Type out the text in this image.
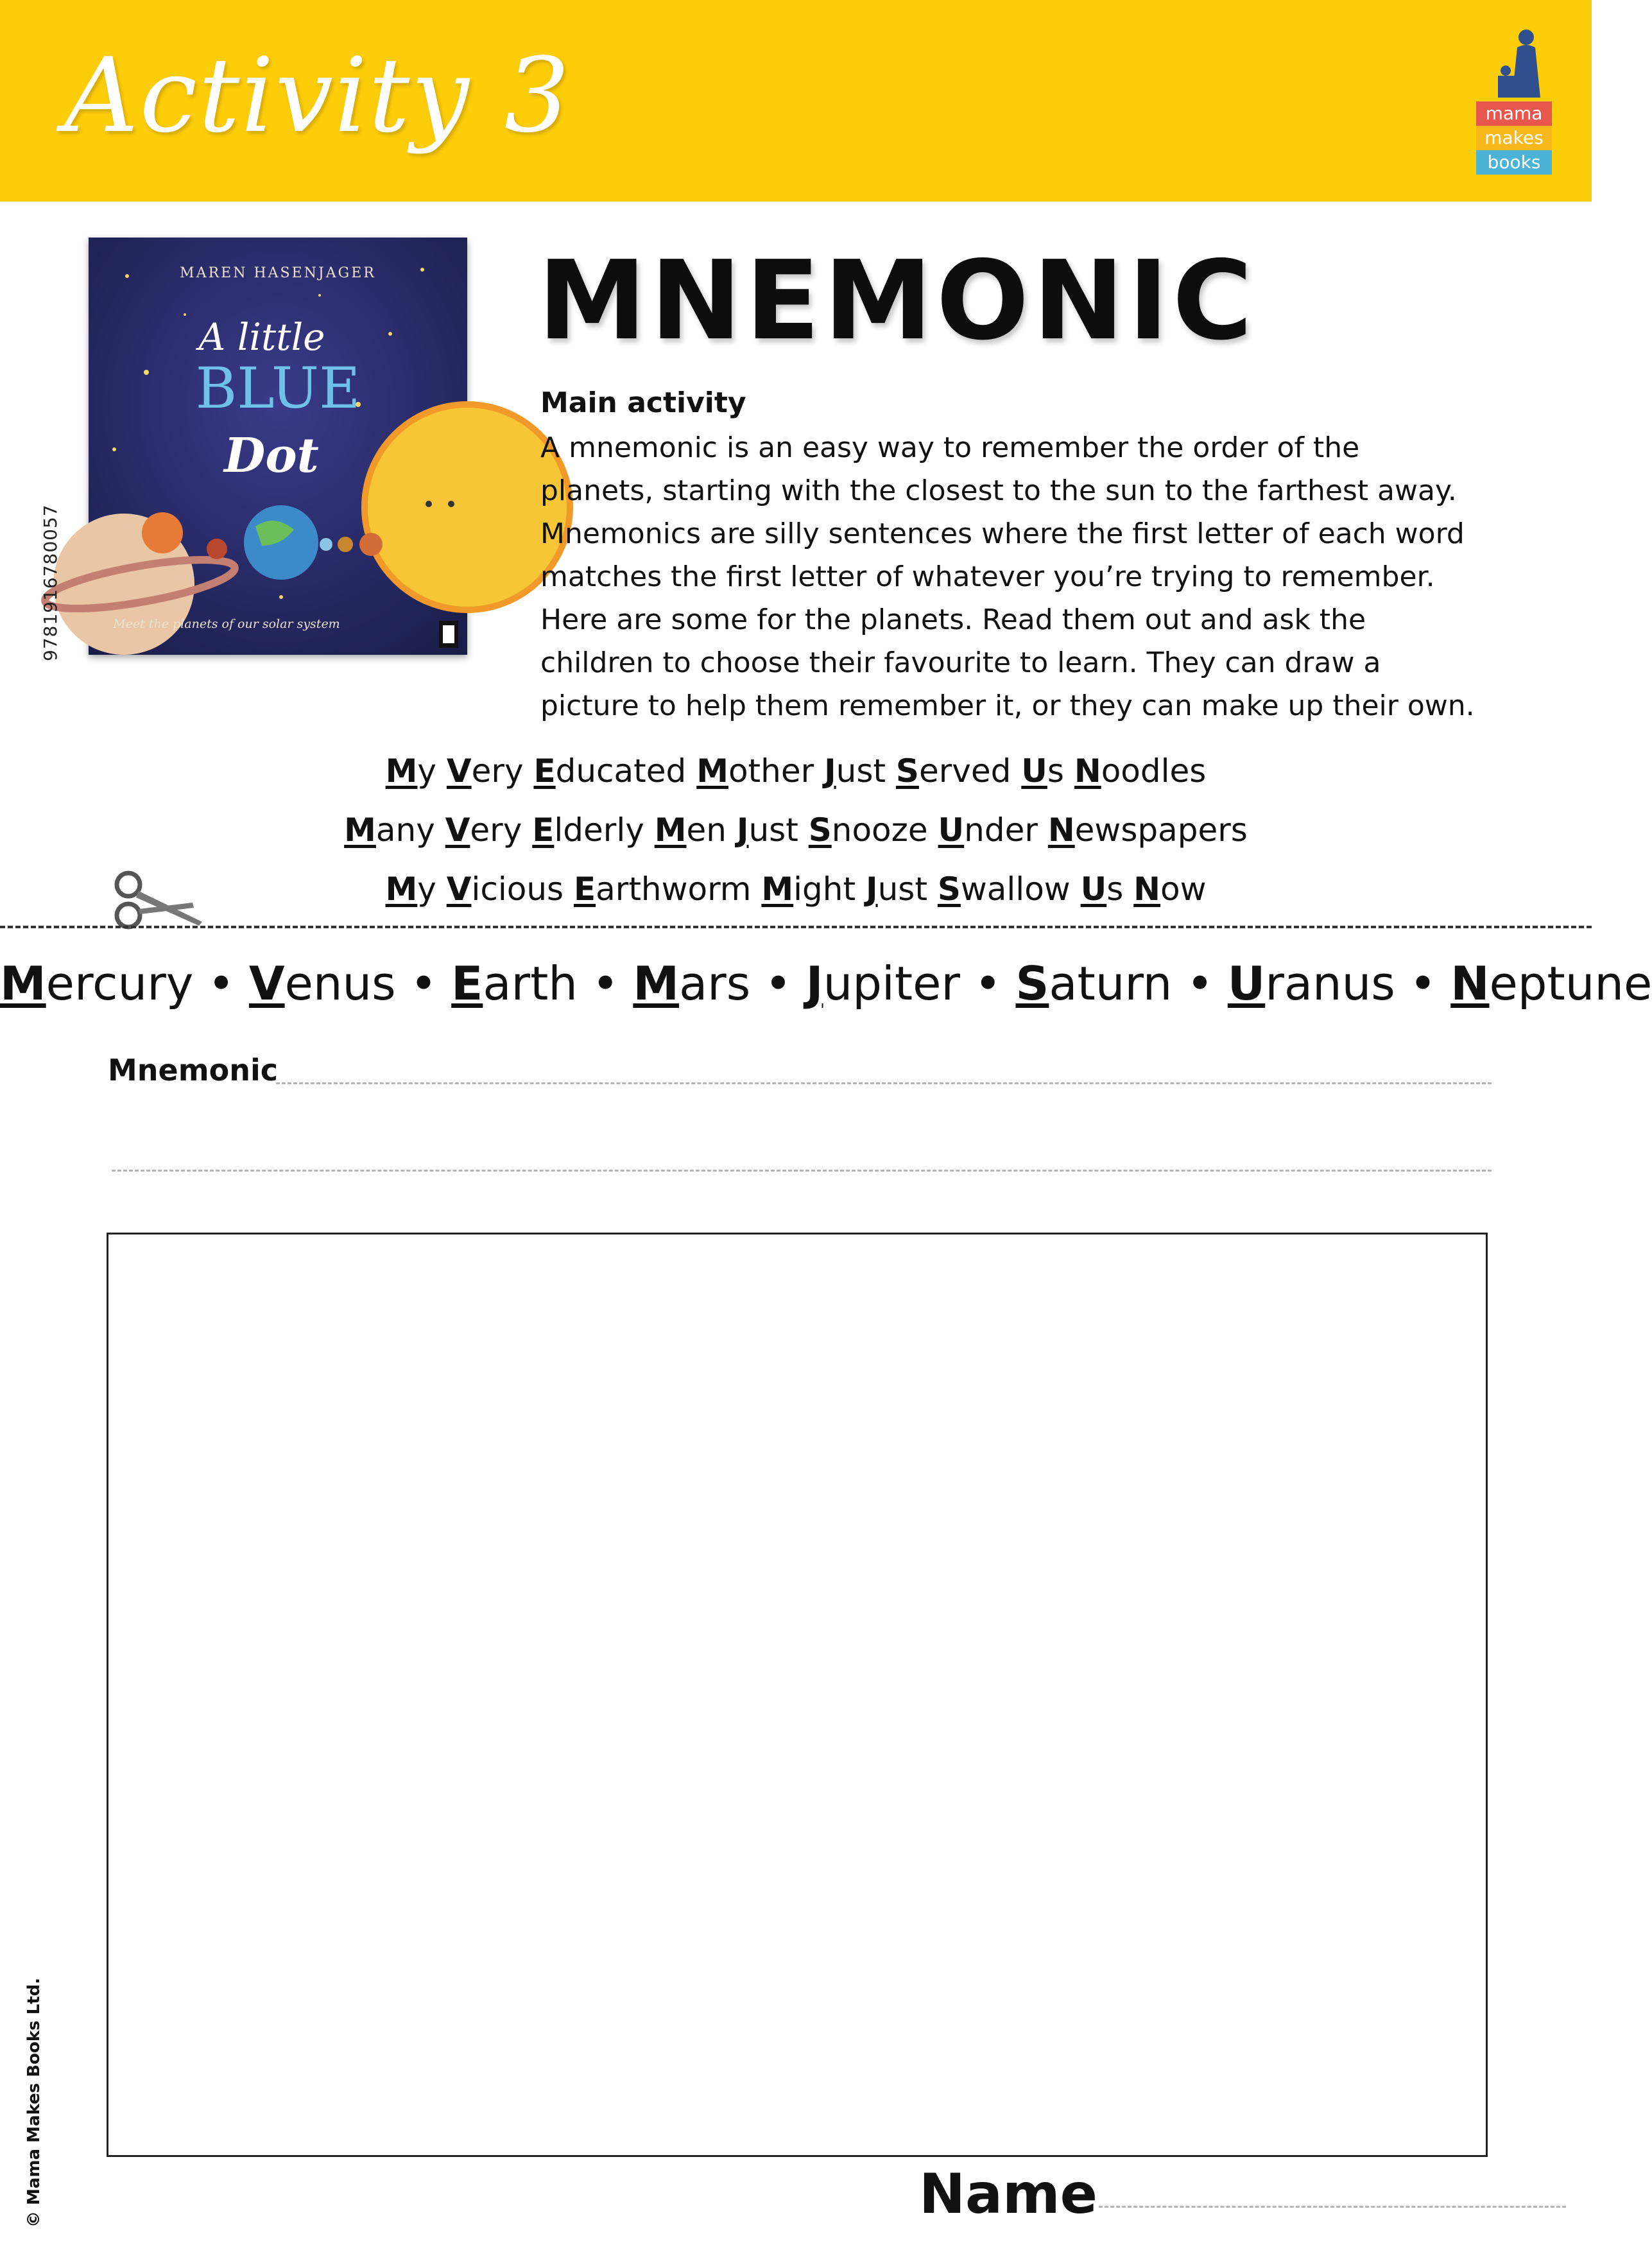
Activity 3	mama
makes
books
MAREN HASENJAGER
A little
BLUE
Dot
Meet the planets of our solar system
9781916780057
MNEMONIC
Main activity
A mnemonic is an easy way to remember the order of the
planets, starting with the closest to the sun to the farthest away.
Mnemonics are silly sentences where the first letter of each word
matches the first letter of whatever you’re trying to remember.
Here are some for the planets. Read them out and ask the
children to choose their favourite to learn. They can draw a
picture to help them remember it, or they can make up their own.
My Very Educated Mother Just Served Us Noodles
Many Very Elderly Men Just Snooze Under Newspapers
My Vicious Earthworm Might Just Swallow Us Now
Mercury • Venus • Earth • Mars • Jupiter • Saturn • Uranus • Neptune
Mnemonic
Name
© Mama Makes Books Ltd.
